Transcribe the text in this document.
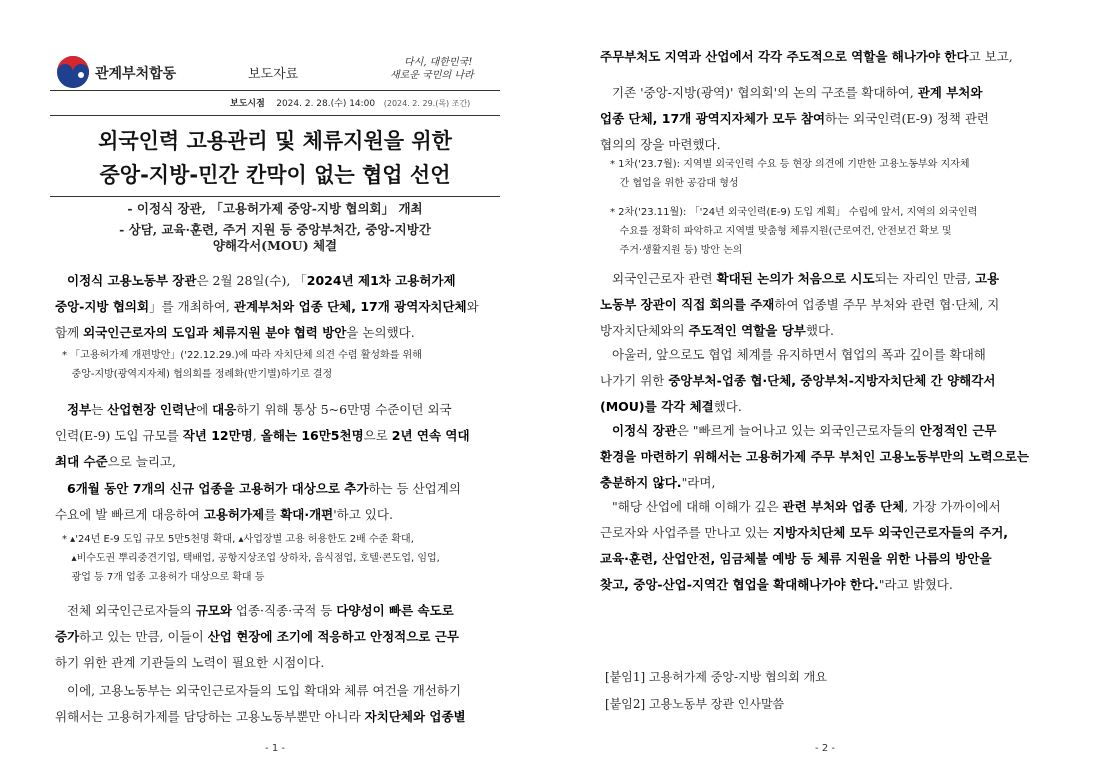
관계부처합동	보도자료
다시, 대한민국!
새로운 국민의 나라
보도시점 2024. 2. 28.(수) 14:00 (2024. 2. 29.(목) 조간)
외국인력 고용관리 및 체류지원을 위한
중앙-지방-민간 칸막이 없는 협업 선언
- 이정식 장관, 「고용허가제 중앙-지방 협의회」 개최
- 상담, 교육·훈련, 주거 지원 등 중앙부처간, 중앙-지방간
양해각서(MOU) 체결
이정식 고용노동부 장관은 2월 28일(수), 「2024년 제1차 고용허가제
중앙-지방 협의회」를 개최하여, 관계부처와 업종 단체, 17개 광역자치단체와
함께 외국인근로자의 도입과 체류지원 분야 협력 방안을 논의했다.
* 「고용허가제 개편방안」('22.12.29.)에 따라 자치단체 의견 수렴 활성화를 위해
중앙-지방(광역지자체) 협의회를 정례화(반기별)하기로 결정
정부는 산업현장 인력난에 대응하기 위해 통상 5~6만명 수준이던 외국
인력(E-9) 도입 규모를 작년 12만명, 올해는 16만5천명으로 2년 연속 역대
최대 수준으로 늘리고,
6개월 동안 7개의 신규 업종을 고용허가 대상으로 추가하는 등 산업계의
수요에 발 빠르게 대응하여 고용허가제를 확대·개편'하고 있다.
* ▴'24년 E-9 도입 규모 5만5천명 확대, ▴사업장별 고용 허용한도 2배 수준 확대,
▴비수도권 뿌리중견기업, 택배업, 공항지상조업 상하차, 음식점업, 호텔·콘도업, 임업,
광업 등 7개 업종 고용허가 대상으로 확대 등
전체 외국인근로자들의 규모와 업종·직종·국적 등 다양성이 빠른 속도로
증가하고 있는 만큼, 이들이 산업 현장에 조기에 적응하고 안정적으로 근무
하기 위한 관계 기관들의 노력이 필요한 시점이다.
이에, 고용노동부는 외국인근로자들의 도입 확대와 체류 여건을 개선하기
위해서는 고용허가제를 담당하는 고용노동부뿐만 아니라 자치단체와 업종별
- 1 -
주무부처도 지역과 산업에서 각각 주도적으로 역할을 해나가야 한다고 보고,
기존 '중앙-지방(광역)' 협의회'의 논의 구조를 확대하여, 관계 부처와
업종 단체, 17개 광역지자체가 모두 참여하는 외국인력(E-9) 정책 관련
협의의 장을 마련했다.
* 1차('23.7월): 지역별 외국인력 수요 등 현장 의견에 기반한 고용노동부와 지자체
간 협업을 위한 공감대 형성
* 2차('23.11월): 「'24년 외국인력(E-9) 도입 계획」 수립에 앞서, 지역의 외국인력
수요를 정확히 파악하고 지역별 맞춤형 체류지원(근로여건, 안전보건 확보 및
주거·생활지원 등) 방안 논의
외국인근로자 관련 확대된 논의가 처음으로 시도되는 자리인 만큼, 고용
노동부 장관이 직접 회의를 주재하여 업종별 주무 부처와 관련 협·단체, 지
방자치단체와의 주도적인 역할을 당부했다.
아울러, 앞으로도 협업 체계를 유지하면서 협업의 폭과 깊이를 확대해
나가기 위한 중앙부처-업종 협·단체, 중앙부처-지방자치단체 간 양해각서
(MOU)를 각각 체결했다.
이정식 장관은 "빠르게 늘어나고 있는 외국인근로자들의 안정적인 근무
환경을 마련하기 위해서는 고용허가제 주무 부처인 고용노동부만의 노력으로는
충분하지 않다."라며,
"해당 산업에 대해 이해가 깊은 관련 부처와 업종 단체, 가장 가까이에서
근로자와 사업주를 만나고 있는 지방자치단체 모두 외국인근로자들의 주거,
교육·훈련, 산업안전, 임금체불 예방 등 체류 지원을 위한 나름의 방안을
찾고, 중앙-산업-지역간 협업을 확대해나가야 한다."라고 밝혔다.
[붙임1] 고용허가제 중앙-지방 협의회 개요
[붙임2] 고용노동부 장관 인사말씀
- 2 -
